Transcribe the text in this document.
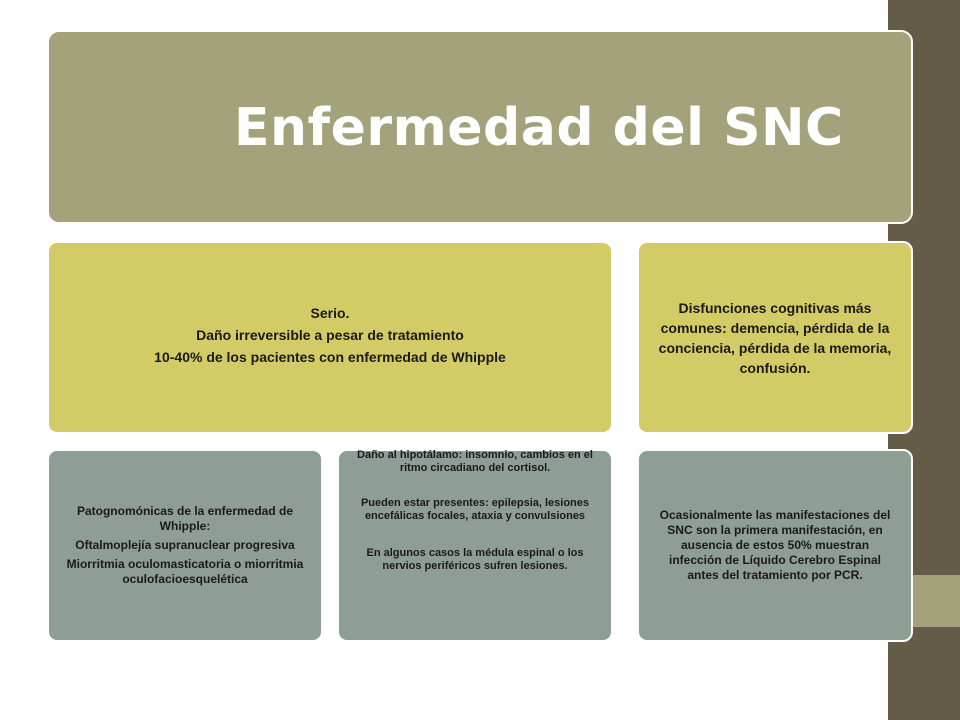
Enfermedad del SNC
Serio.
Daño irreversible a pesar de tratamiento
10-40% de los pacientes con enfermedad de Whipple
Disfunciones cognitivas más comunes: demencia, pérdida de la conciencia, pérdida de la memoria, confusión.
Patognomónicas de la enfermedad de Whipple:
Oftalmoplejía supranuclear progresiva
Miorritmia oculomasticatoria o miorritmia oculofacioesquelética
Daño al hipotálamo: insomnio, cambios en el ritmo circadiano del cortisol.
Pueden estar presentes: epilepsia, lesiones encefálicas focales, ataxia y convulsiones
En algunos casos la médula espinal o los nervios periféricos sufren lesiones.
Ocasionalmente las manifestaciones del SNC son la primera manifestación, en ausencia de estos 50% muestran infección de Líquido Cerebro Espinal antes del tratamiento por PCR.
